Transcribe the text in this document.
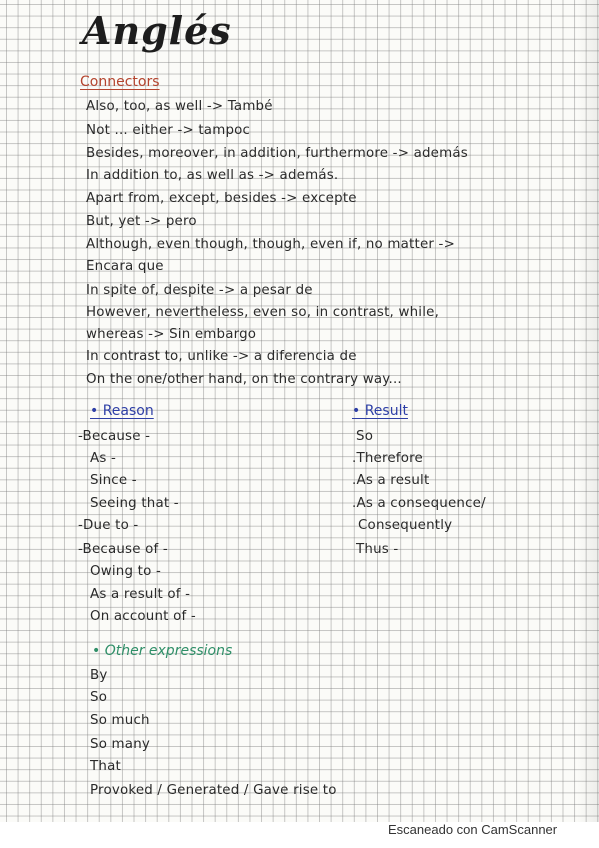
Anglés
Connectors
Also, too, as well -> També
Not ... either -> tampoc
Besides, moreover, in addition, furthermore -> además
In addition to, as well as -> además.
Apart from, except, besides -> excepte
But, yet -> pero
Although, even though, though, even if, no matter ->
Encara que
In spite of, despite -> a pesar de
However, nevertheless, even so, in contrast, while,
whereas -> Sin embargo
In contrast to, unlike -> a diferencia de
On the one/other hand, on the contrary way...
• Reason
-Because -
As -
Since -
Seeing that -
-Due to -
-Because of -
Owing to -
As a result of -
On account of -
• Result
So
.Therefore
.As a result
.As a consequence/
Consequently
Thus -
• Other expressions
By
So
So much
So many
That
Provoked / Generated / Gave rise to
Escaneado con CamScanner
